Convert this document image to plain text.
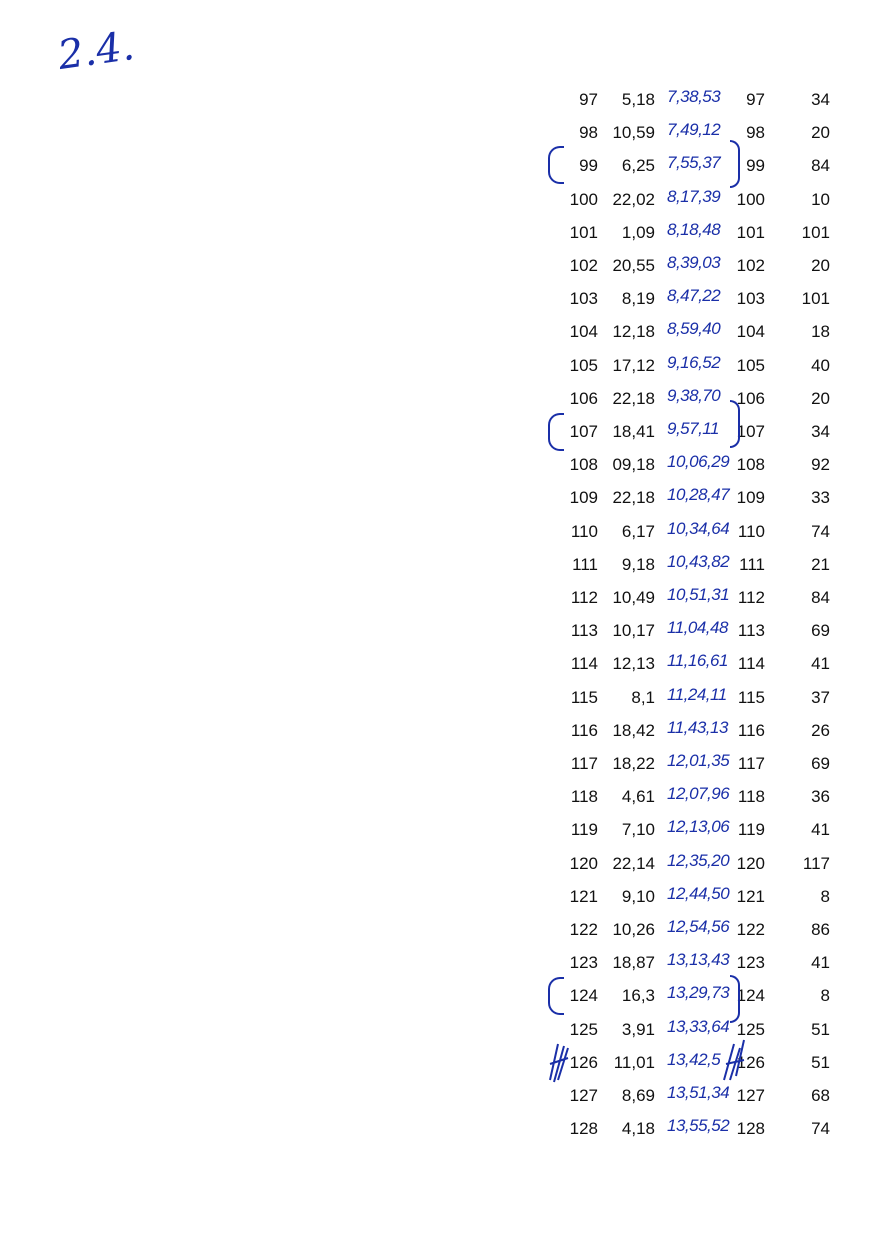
2.4.
97 5,18 7,38,53 97	34
98 10,59 7,49,12 98	20
99 6,25 7,55,37 99	84
100 22,02 8,17,39 100	10
101 1,09 8,18,48 101 101
102 20,55 8,39,03 102	20
103 8,19 8,47,22 103 101
104 12,18 8,59,40 104	18
105 17,12 9,16,52 105	40
106 22,18 9,38,70 106	20
107 18,41 9,57,11 107	34
108 09,18 10,06,29 108	92
109 22,18 10,28,47 109	33
110 6,17 10,34,64 110	74
111 9,18 10,43,82 111	21
112 10,49 10,51,31 112	84
113 10,17 11,04,48 113	69
114 12,13 11,16,61 114	41
115 8,1 11,24,11 115	37
116 18,42 11,43,13 116	26
117 18,22 12,01,35 117	69
118 4,61 12,07,96 118	36
119 7,10 12,13,06 119	41
120 22,14 12,35,20 120 117
121 9,10 12,44,50 121	8
122 10,26 12,54,56 122	86
123 18,87 13,13,43 123	41
124 16,3 13,29,73 124	8
125 3,91 13,33,64 125	51
126 11,01 13,42,5 126	51
127 8,69 13,51,34 127	68
128 4,18 13,55,52 128	74
